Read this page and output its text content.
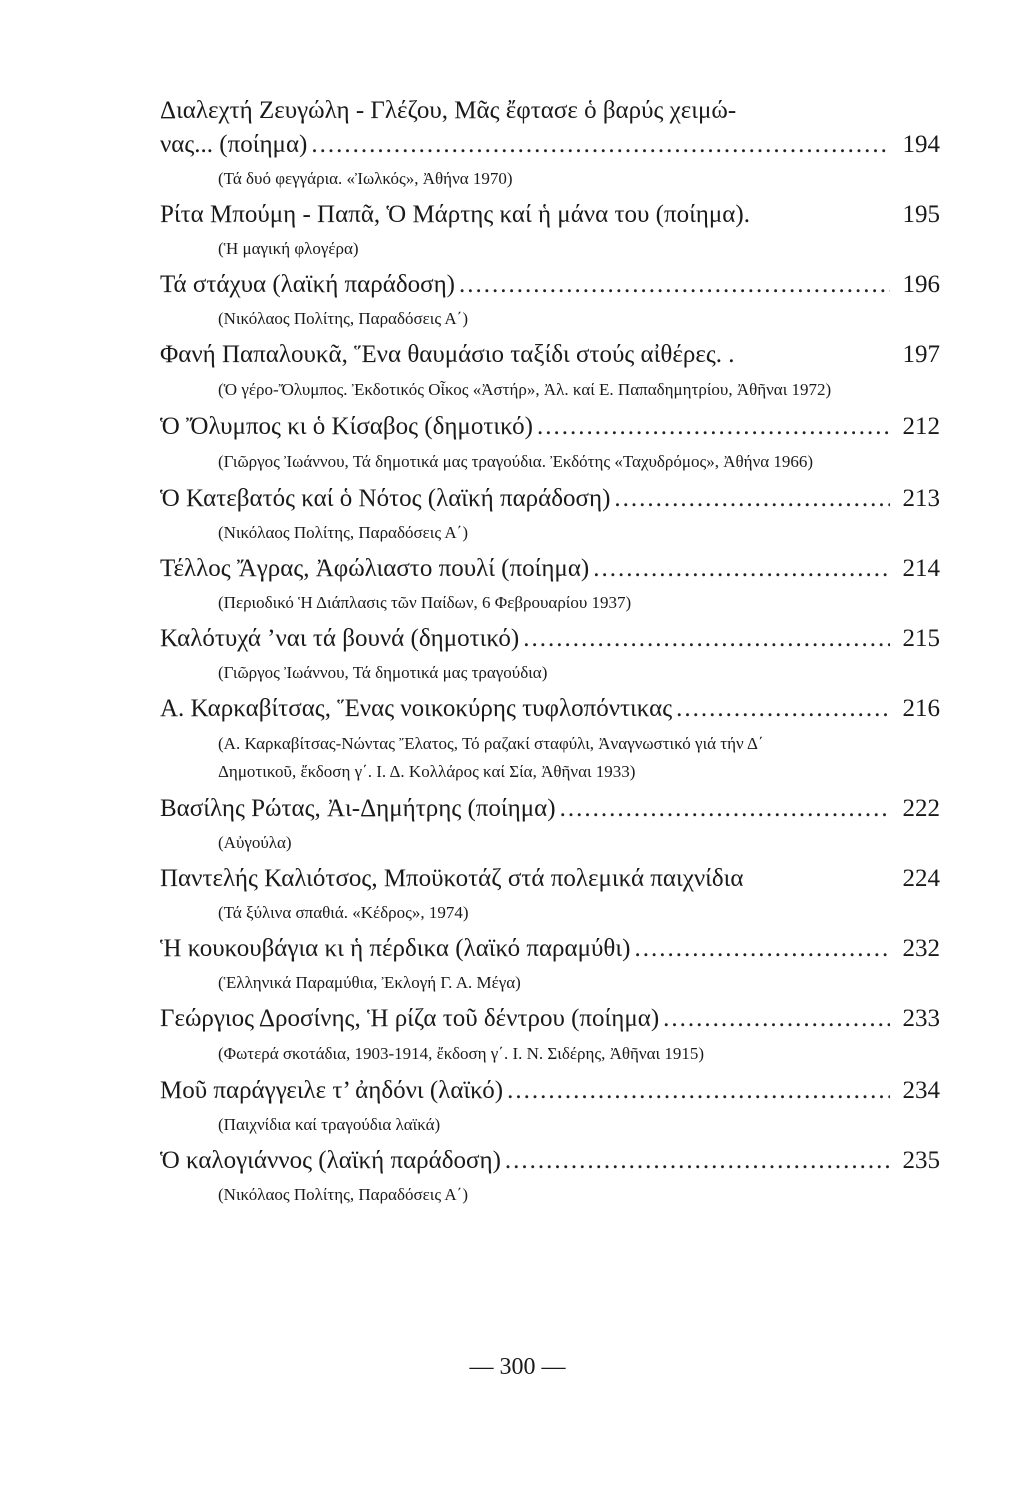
Διαλεχτή Ζευγώλη - Γλέζου, Μᾶς ἔφτασε ὁ βαρύς χειμώ-
νας... (ποίημα) .....	194
(Τά δυό φεγγάρια. «Ἰωλκός», Ἀθήνα 1970)
Ρίτα Μπούμη - Παπᾶ, Ὁ Μάρτης καί ἡ μάνα του (ποίημα).	195
(Ἡ μαγική φλογέρα)
Τά στάχυα (λαϊκή παράδοση) .....	196
(Νικόλαος Πολίτης, Παραδόσεις Α΄)
Φανή Παπαλουκᾶ, Ἕνα θαυμάσιο ταξίδι στούς αἰθέρες. .	197
(Ὁ γέρο-Ὄλυμπος. Ἐκδοτικός Οἶκος «Ἀστήρ», Ἀλ. καί Ε. Παπαδημητρίου, Ἀθῆναι 1972)
Ὁ Ὄλυμπος κι ὁ Κίσαβος (δημοτικό) .....	212
(Γιῶργος Ἰωάννου, Τά δημοτικά μας τραγούδια. Ἐκδότης «Ταχυδρόμος», Ἀθήνα 1966)
Ὁ Κατεβατός καί ὁ Νότος (λαϊκή παράδοση) .....	213
(Νικόλαος Πολίτης, Παραδόσεις Α΄)
Τέλλος Ἄγρας, Ἀφώλιαστο πουλί (ποίημα) .....	214
(Περιοδικό Ἡ Διάπλασις τῶν Παίδων, 6 Φεβρουαρίου 1937)
Καλότυχά ’ναι τά βουνά (δημοτικό) .....	215
(Γιῶργος Ἰωάννου, Τά δημοτικά μας τραγούδια)
Α. Καρκαβίτσας, Ἕνας νοικοκύρης τυφλοπόντικας .....	216
(Α. Καρκαβίτσας-Νώντας Ἔλατος, Τό ραζακί σταφύλι, Ἀναγνωστικό γιά τήν Δ΄ Δημοτικοῦ, ἔκδοση γ΄. Ι. Δ. Κολλάρος καί Σία, Ἀθῆναι 1933)
Βασίλης Ρώτας, Ἀι-Δημήτρης (ποίημα) .....	222
(Αὐγούλα)
Παντελής Καλιότσος, Μποϋκοτάζ στά πολεμικά παιχνίδια	224
(Τά ξύλινα σπαθιά. «Κέδρος», 1974)
Ἡ κουκουβάγια κι ἡ πέρδικα (λαϊκό παραμύθι) .....	232
(Ἑλληνικά Παραμύθια, Ἐκλογή Γ. Α. Μέγα)
Γεώργιος Δροσίνης, Ἡ ρίζα τοῦ δέντρου (ποίημα) .....	233
(Φωτερά σκοτάδια, 1903-1914, ἔκδοση γ΄. Ι. Ν. Σιδέρης, Ἀθῆναι 1915)
Μοῦ παράγγειλε τ’ ἀηδόνι (λαϊκό) .....	234
(Παιχνίδια καί τραγούδια λαϊκά)
Ὁ καλογιάννος (λαϊκή παράδοση) .....	235
(Νικόλαος Πολίτης, Παραδόσεις Α΄)
— 300 —
